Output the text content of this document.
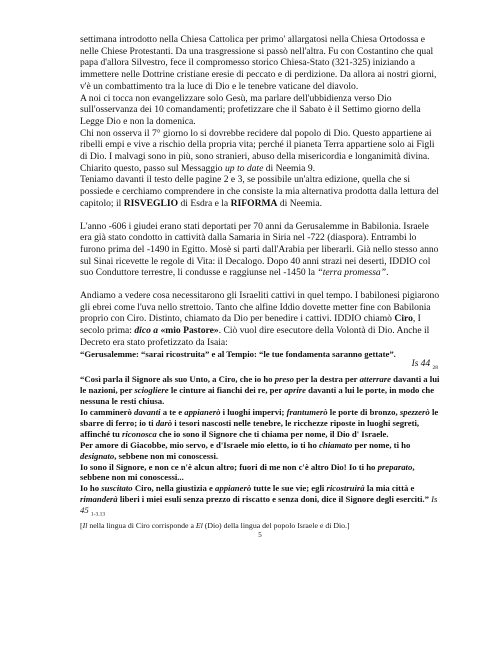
settimana introdotto nella Chiesa Cattolica per primo' allargatosi nella Chiesa Ortodossa e nelle Chiese Protestanti. Da una trasgressione si passò nell'altra. Fu con Costantino che qual papa d'allora Silvestro, fece il compromesso storico Chiesa-Stato (321-325) iniziando a immettere nelle Dottrine cristiane eresie di peccato e di perdizione. Da allora ai nostri giorni, v'è un combattimento tra la luce di Dio e le tenebre vaticane del diavolo.

A noi ci tocca non evangelizzare solo Gesù, ma parlare dell'ubbidienza verso Dio sull'osservanza dei 10 comandamenti; profetizzare che il Sabato è il Settimo giorno della Legge Dio e non la domenica.

Chi non osserva il 7° giorno lo si dovrebbe recidere dal popolo di Dio. Questo appartiene ai ribelli empi e vive a rischio della propria vita; perché il pianeta Terra appartiene solo ai Figli di Dio. I malvagi sono in più, sono stranieri, abuso della misericordia e longanimità divina.

Chiarito questo, passo sul Messaggio up to date di Neemia 9.

Teniamo davanti il testo delle pagine 2 e 3, se possibile un'altra edizione, quella che si possiede e cerchiamo comprendere in che consiste la mia alternativa prodotta dalla lettura del capitolo; il RISVEGLIO di Esdra e la RIFORMA di Neemia.

L'anno -606 i giudei erano stati deportati per 70 anni da Gerusalemme in Babilonia. Israele era già stato condotto in cattività dalla Samaria in Siria nel -722 (diaspora). Entrambi lo furono prima del -1490 in Egitto. Mosè si partì dall'Arabia per liberarli. Già nello stesso anno sul Sinai ricevette le regole di Vita: il Decalogo. Dopo 40 anni strazi nei deserti, IDDIO col suo Conduttore terrestre, li condusse e raggiunse nel -1450 la “terra promessa”.

Andiamo a vedere cosa necessitarono gli Israeliti cattivi in quel tempo. I babilonesi pigiarono gli ebrei come l'uva nello strettoio. Tanto che alfine Iddio dovette metter fine con Babilonia proprio con Ciro. Distinto, chiamato da Dio per benedire i cattivi. IDDIO chiamò Ciro, I secolo prima: dico a «mio Pastore». Ciò vuol dire esecutore della Volontà di Dio. Anche il Decreto era stato profetizzato da Isaia:

“Gerusalemme: “sarai ricostruita” e al Tempio: “le tue fondamenta saranno gettate”.

Is 44 $_{28}$

“Così parla il Signore als suo Unto, a Ciro, che io ho preso per la destra per atterrare davanti a lui le nazioni, per sciogliere le cinture ai fianchi dei re, per aprire davanti a lui le porte, in modo che nessuna le resti chiusa.

Io camminerò davanti a te e appianerò i luoghi impervi; frantumerò le porte di bronzo, spezzerò le sbarre di ferro; io ti darò i tesori nascosti nelle tenebre, le ricchezze riposte in luoghi segreti, affinché tu riconosca che io sono il Signore che ti chiama per nome, il Dio d' Israele.

Per amore di Giacobbe, mio servo, e d'Israele mio eletto, io ti ho chiamato per nome, ti ho designato, sebbene non mi conoscessi.

Io sono il Signore, e non ce n'è alcun altro; fuori di me non c'è altro Dio! Io ti ho preparato, sebbene non mi conoscessi...

Io ho suscitato Ciro, nella giustizia e appianerò tutte le sue vie; egli ricostruirà la mia città e rimanderà liberi i miei esuli senza prezzo di riscatto e senza doni, dice il Signore degli eserciti.” Is 45 $_{1-3.13}$

[Il nella lingua di Ciro corrisponde a El (Dio) della lingua del popolo Israele e di Dio.]

5
